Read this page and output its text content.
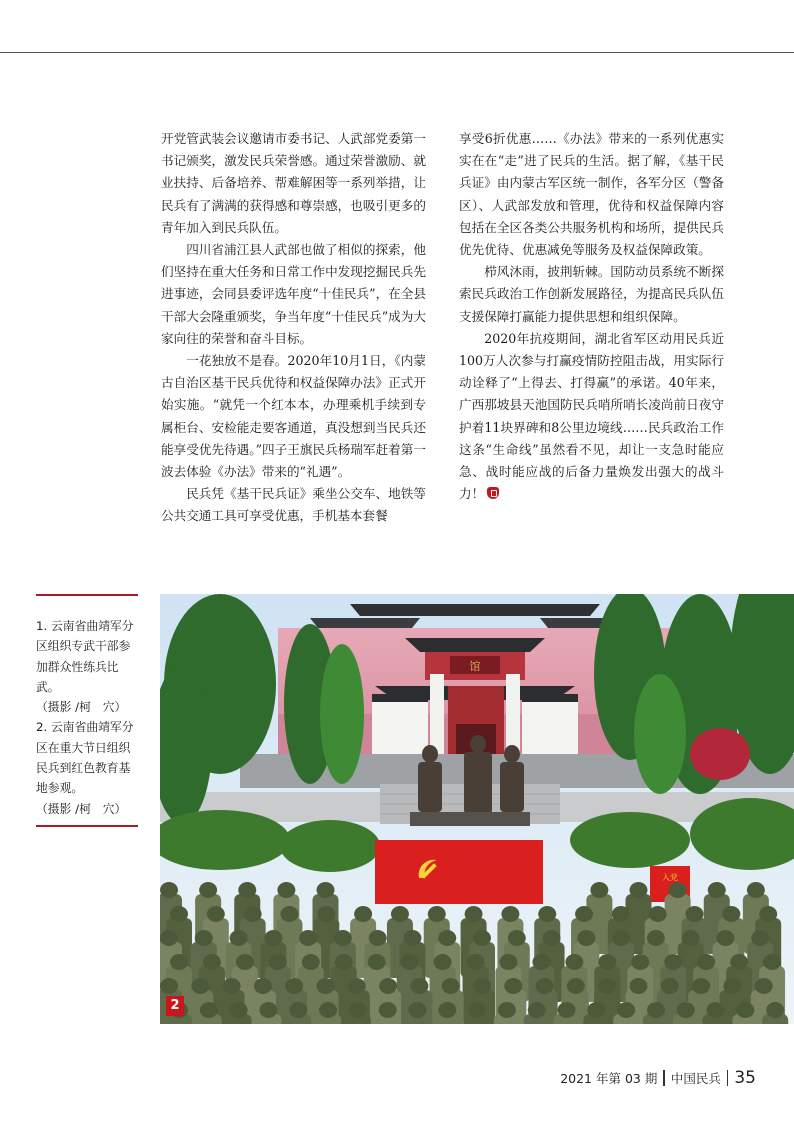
开党管武装会议邀请市委书记、人武部党委第一书记颁奖，激发民兵荣誉感。通过荣誉激励、就业扶持、后备培养、帮难解困等一系列举措，让民兵有了满满的获得感和尊崇感，也吸引更多的青年加入到民兵队伍。

四川省浦江县人武部也做了相似的探索，他们坚持在重大任务和日常工作中发现挖掘民兵先进事迹，会同县委评选年度“十佳民兵”，在全县干部大会隆重颁奖，争当年度“十佳民兵”成为大家向往的荣誉和奋斗目标。

一花独放不是春。2020年10月1日，《内蒙古自治区基干民兵优待和权益保障办法》正式开始实施。“就凭一个红本本，办理乘机手续到专属柜台、安检能走要客通道，真没想到当民兵还能享受优先待遇。”四子王旗民兵杨瑞军赶着第一波去体验《办法》带来的“礼遇”。

民兵凭《基干民兵证》乘坐公交车、地铁等公共交通工具可享受优惠，手机基本套餐

享受6折优惠……《办法》带来的一系列优惠实实在在“走”进了民兵的生活。据了解，《基干民兵证》由内蒙古军区统一制作，各军分区（警备区）、人武部发放和管理，优待和权益保障内容包括在全区各类公共服务机构和场所，提供民兵优先优待、优惠减免等服务及权益保障政策。

栉风沐雨，披荆斩棘。国防动员系统不断探索民兵政治工作创新发展路径，为提高民兵队伍支援保障打赢能力提供思想和组织保障。

2020年抗疫期间，湖北省军区动用民兵近100万人次参与打赢疫情防控阻击战，用实际行动诠释了“上得去、打得赢”的承诺。40年来，广西那坡县天池国防民兵哨所哨长凌尚前日夜守护着11块界碑和8公里边境线……民兵政治工作这条“生命线”虽然看不见，却让一支急时能应急、战时能应战的后备力量焕发出强大的战斗力！

1. 云南省曲靖军分区组织专武干部参加群众性练兵比武。

（摄影 /柯　穴）

2. 云南省曲靖军分区在重大节日组织民兵到红色教育基地参观。

（摄影 /柯　穴）

馆
入党
2
2021 年第 03 期 中国民兵 35
